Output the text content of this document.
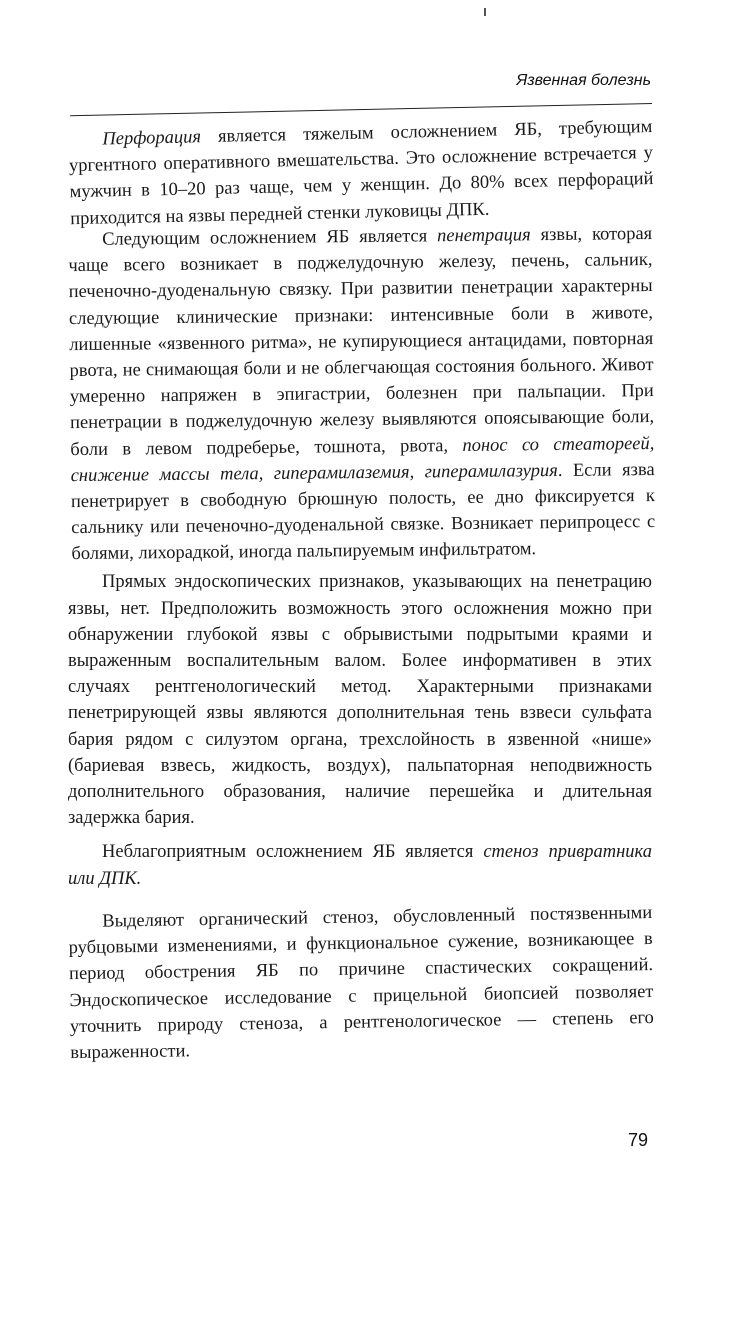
Язвенная болезнь

Перфорация является тяжелым осложнением ЯБ, требующим ургентного оперативного вмешательства. Это осложнение встречается у мужчин в 10–20 раз чаще, чем у женщин. До 80% всех перфораций приходится на язвы передней стенки луковицы ДПК.

Следующим осложнением ЯБ является пенетрация язвы, которая чаще всего возникает в поджелудочную железу, печень, сальник, печеночно-дуоденальную связку. При развитии пенетрации характерны следующие клинические признаки: интенсивные боли в животе, лишенные «язвенного ритма», не купирующиеся антацидами, повторная рвота, не снимающая боли и не облегчающая состояния больного. Живот умеренно напряжен в эпигастрии, болезнен при пальпации. При пенетрации в поджелудочную железу выявляются опоясывающие боли, боли в левом подреберье, тошнота, рвота, понос со стеатореей, снижение массы тела, гиперамилаземия, гиперамилазурия. Если язва пенетрирует в свободную брюшную полость, ее дно фиксируется к сальнику или печеночно-дуоденальной связке. Возникает перипроцесс с болями, лихорадкой, иногда пальпируемым инфильтратом.

Прямых эндоскопических признаков, указывающих на пенетрацию язвы, нет. Предположить возможность этого осложнения можно при обнаружении глубокой язвы с обрывистыми подрытыми краями и выраженным воспалительным валом. Более информативен в этих случаях рентгенологический метод. Характерными признаками пенетрирующей язвы являются дополнительная тень взвеси сульфата бария рядом с силуэтом органа, трехслойность в язвенной «нише» (бариевая взвесь, жидкость, воздух), пальпаторная неподвижность дополнительного образования, наличие перешейка и длительная задержка бария.

Неблагоприятным осложнением ЯБ является стеноз привратника или ДПК.

Выделяют органический стеноз, обусловленный постязвенными рубцовыми изменениями, и функциональное сужение, возникающее в период обострения ЯБ по причине спастических сокращений. Эндоскопическое исследование с прицельной биопсией позволяет уточнить природу стеноза, а рентгенологическое — степень его выраженности.

79
